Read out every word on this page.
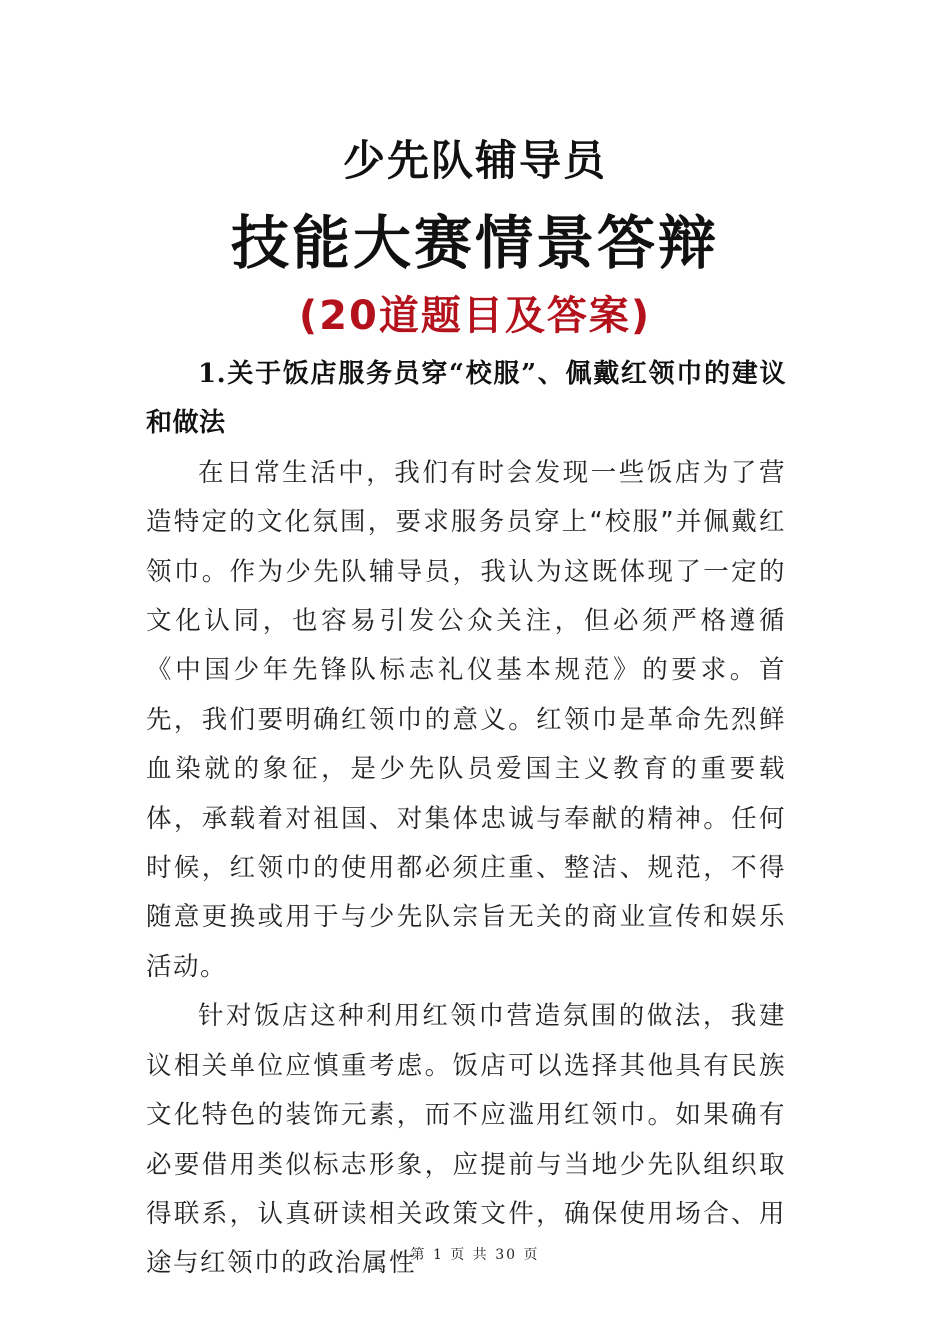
少先队辅导员
技能大赛情景答辩
(20道题目及答案)

1.关于饭店服务员穿“校服”、佩戴红领巾的建议和做法

在日常生活中，我们有时会发现一些饭店为了营造特定的文化氛围，要求服务员穿上“校服”并佩戴红领巾。作为少先队辅导员，我认为这既体现了一定的文化认同，也容易引发公众关注，但必须严格遵循《中国少年先锋队标志礼仪基本规范》的要求。首先，我们要明确红领巾的意义。红领巾是革命先烈鲜血染就的象征，是少先队员爱国主义教育的重要载体，承载着对祖国、对集体忠诚与奉献的精神。任何时候，红领巾的使用都必须庄重、整洁、规范，不得随意更换或用于与少先队宗旨无关的商业宣传和娱乐活动。

针对饭店这种利用红领巾营造氛围的做法，我建议相关单位应慎重考虑。饭店可以选择其他具有民族文化特色的装饰元素，而不应滥用红领巾。如果确有必要借用类似标志形象，应提前与当地少先队组织取得联系，认真研读相关政策文件，确保使用场合、用途与红领巾的政治属性

第 1 页 共 30 页
